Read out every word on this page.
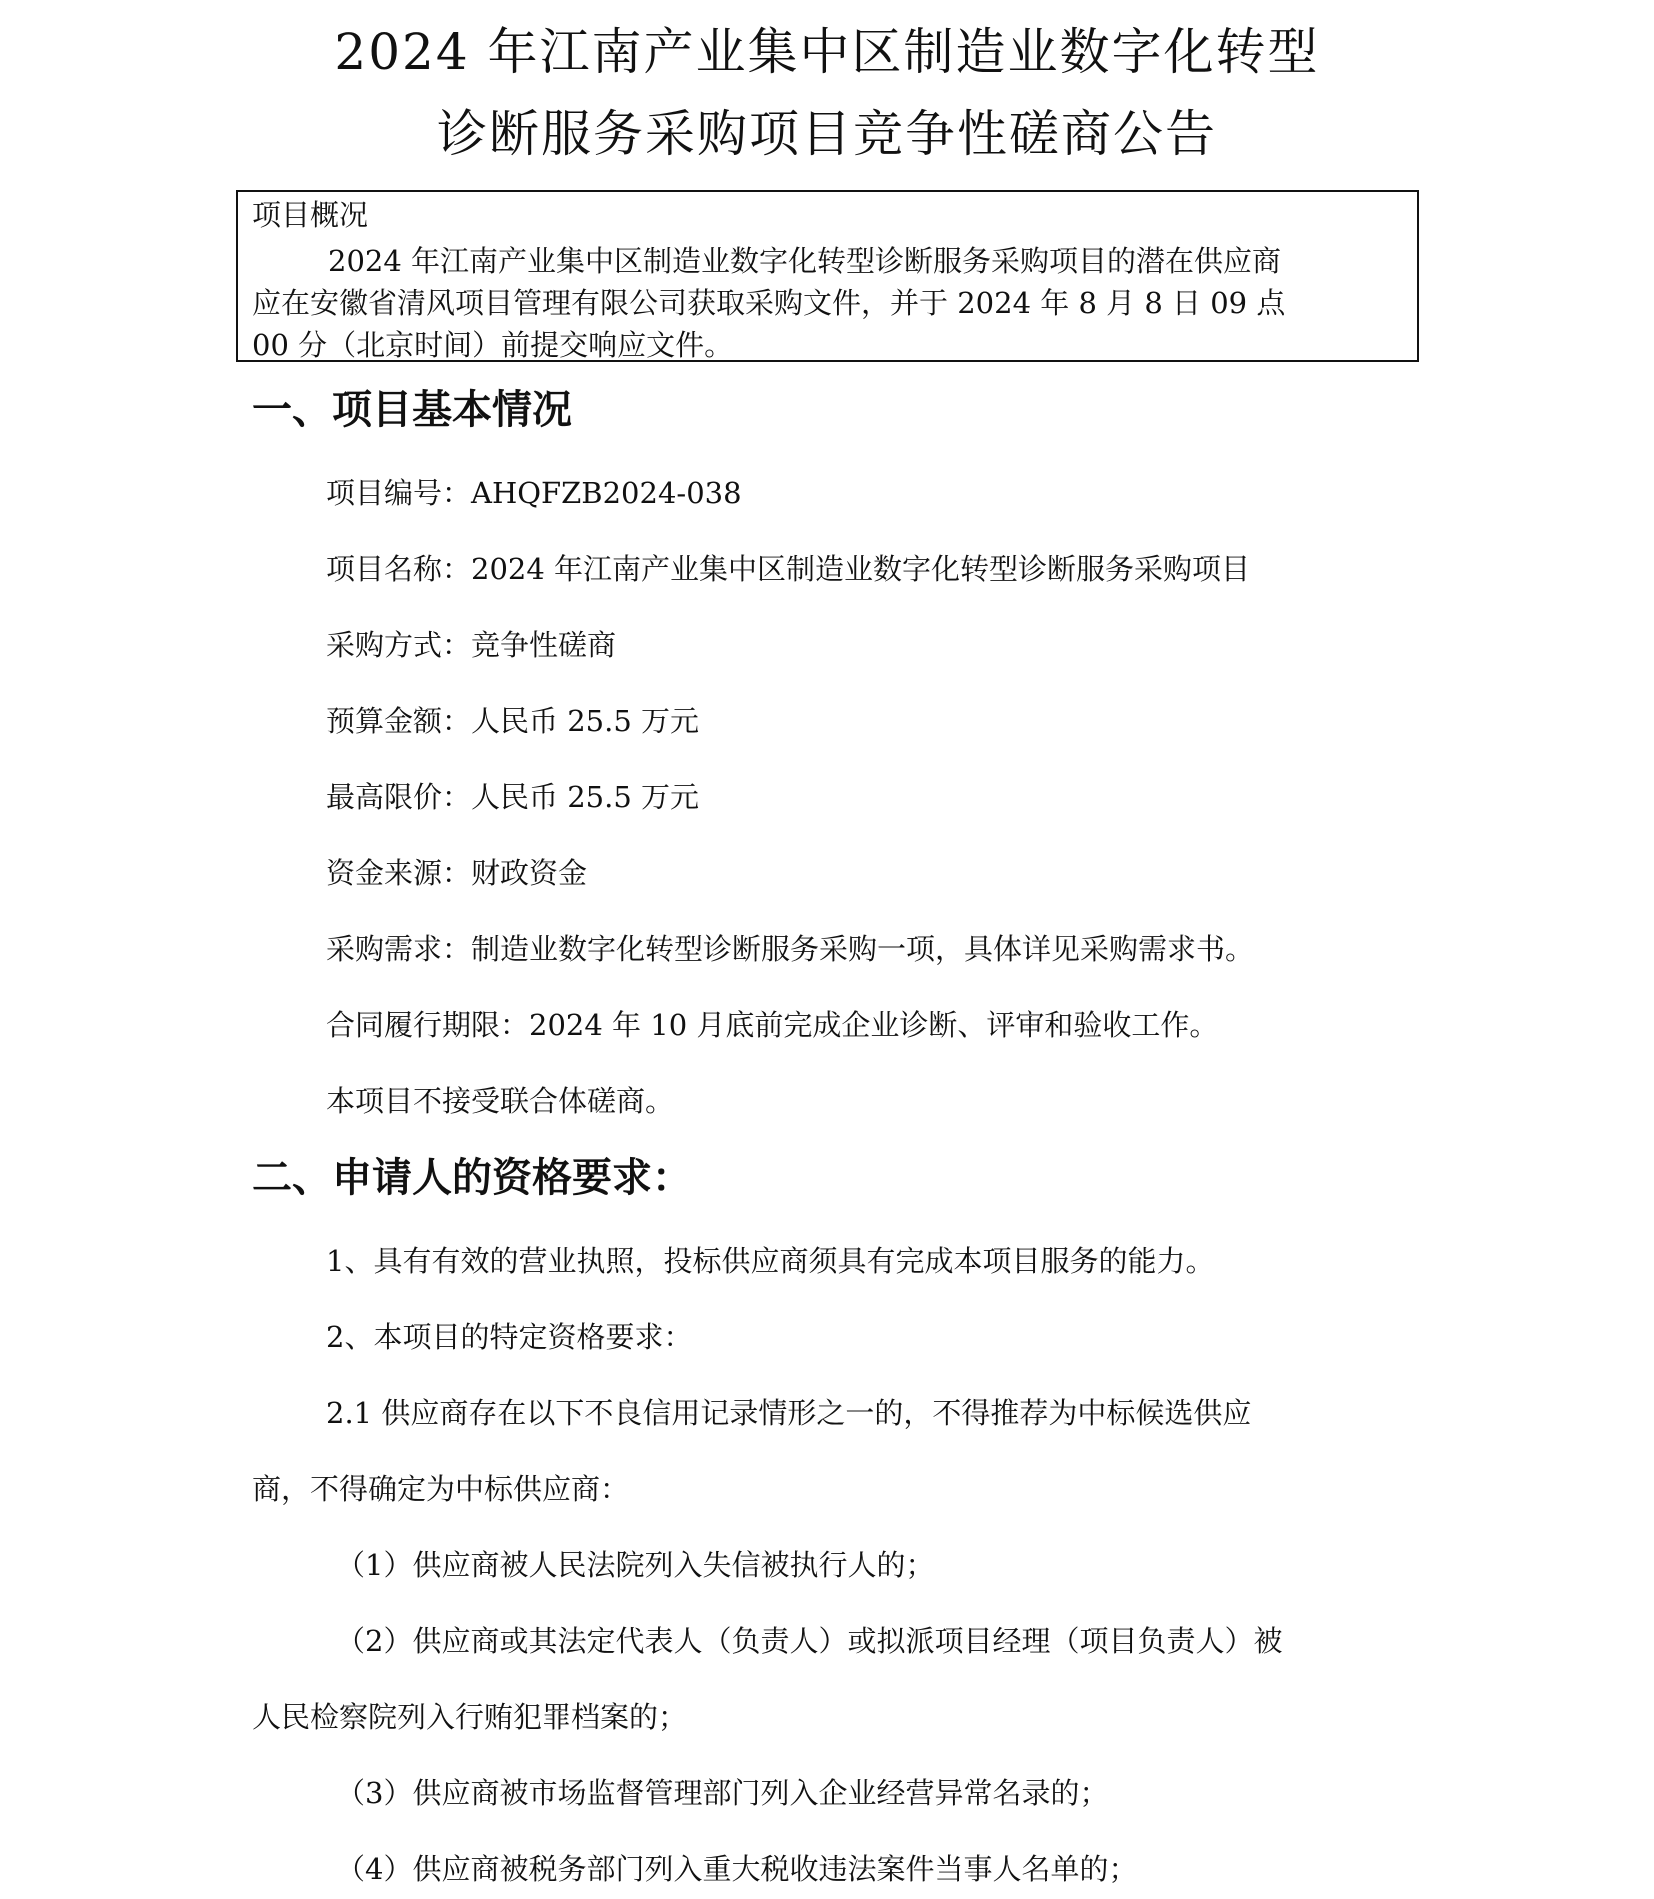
2024 年江南产业集中区制造业数字化转型
诊断服务采购项目竞争性磋商公告
项目概况
2024 年江南产业集中区制造业数字化转型诊断服务采购项目的潜在供应商
应在安徽省清风项目管理有限公司获取采购文件，并于 2024 年 8 月 8 日 09 点
00 分（北京时间）前提交响应文件。
一、项目基本情况
项目编号：AHQFZB2024-038
项目名称：2024 年江南产业集中区制造业数字化转型诊断服务采购项目
采购方式：竞争性磋商
预算金额：人民币 25.5 万元
最高限价：人民币 25.5 万元
资金来源：财政资金
采购需求：制造业数字化转型诊断服务采购一项，具体详见采购需求书。
合同履行期限：2024 年 10 月底前完成企业诊断、评审和验收工作。
本项目不接受联合体磋商。
二、申请人的资格要求：
1、具有有效的营业执照，投标供应商须具有完成本项目服务的能力。
2、本项目的特定资格要求：
2.1 供应商存在以下不良信用记录情形之一的，不得推荐为中标候选供应
商，不得确定为中标供应商：
（1）供应商被人民法院列入失信被执行人的；
（2）供应商或其法定代表人（负责人）或拟派项目经理（项目负责人）被
人民检察院列入行贿犯罪档案的；
（3）供应商被市场监督管理部门列入企业经营异常名录的；
（4）供应商被税务部门列入重大税收违法案件当事人名单的；
